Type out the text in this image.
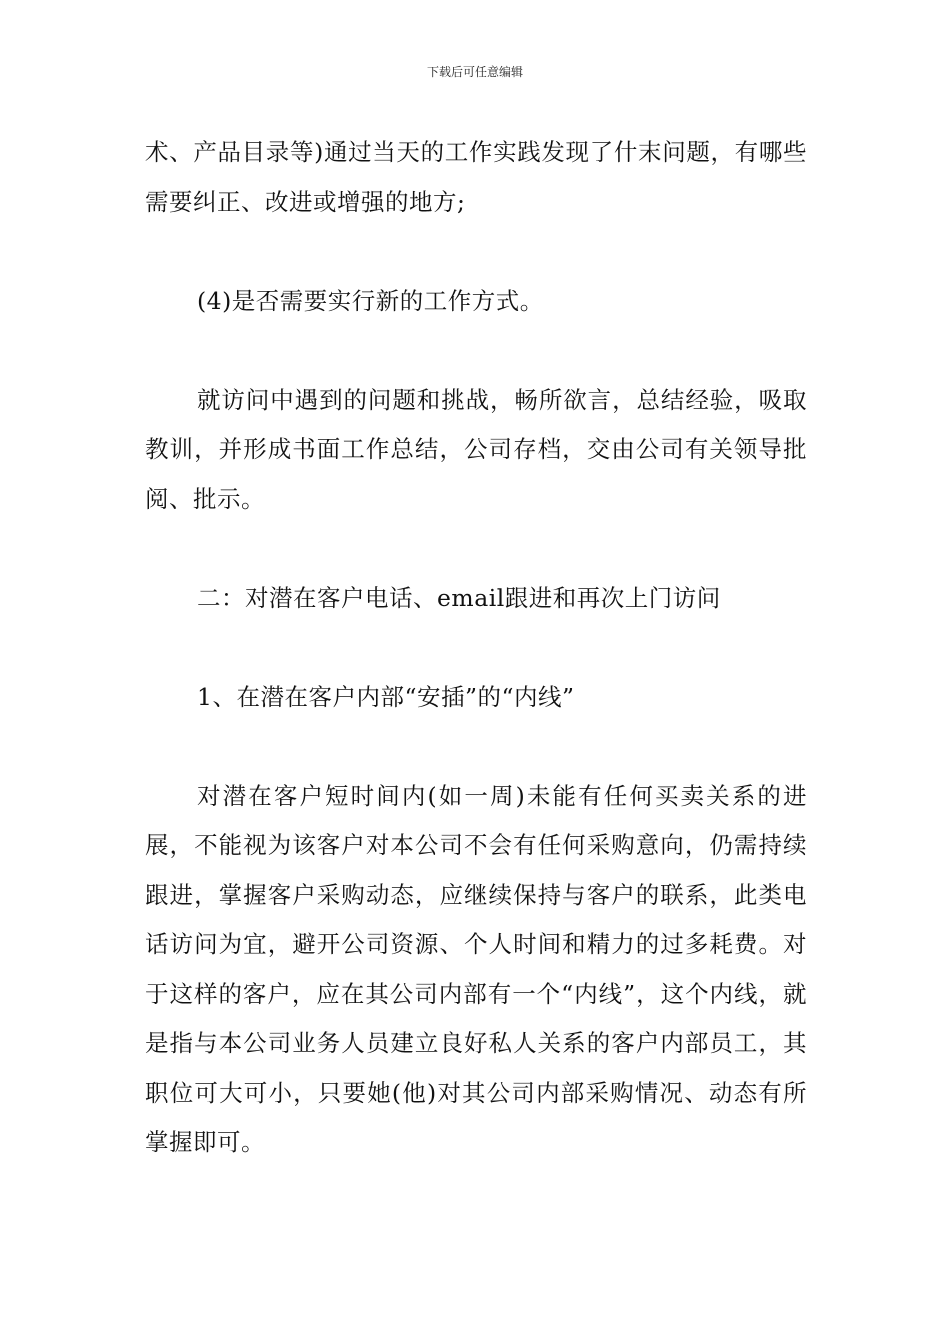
下载后可任意编辑

术、产品目录等)通过当天的工作实践发现了什末问题，有哪些需要纠正、改进或增强的地方;

(4)是否需要实行新的工作方式。

就访问中遇到的问题和挑战，畅所欲言，总结经验，吸取教训，并形成书面工作总结，公司存档，交由公司有关领导批阅、批示。

二：对潜在客户电话、email跟进和再次上门访问

1、在潜在客户内部“安插”的“内线”

对潜在客户短时间内(如一周)未能有任何买卖关系的进展，不能视为该客户对本公司不会有任何采购意向，仍需持续跟进，掌握客户采购动态，应继续保持与客户的联系，此类电话访问为宜，避开公司资源、个人时间和精力的过多耗费。对于这样的客户，应在其公司内部有一个“内线”，这个内线，就是指与本公司业务人员建立良好私人关系的客户内部员工，其职位可大可小，只要她(他)对其公司内部采购情况、动态有所掌握即可。
